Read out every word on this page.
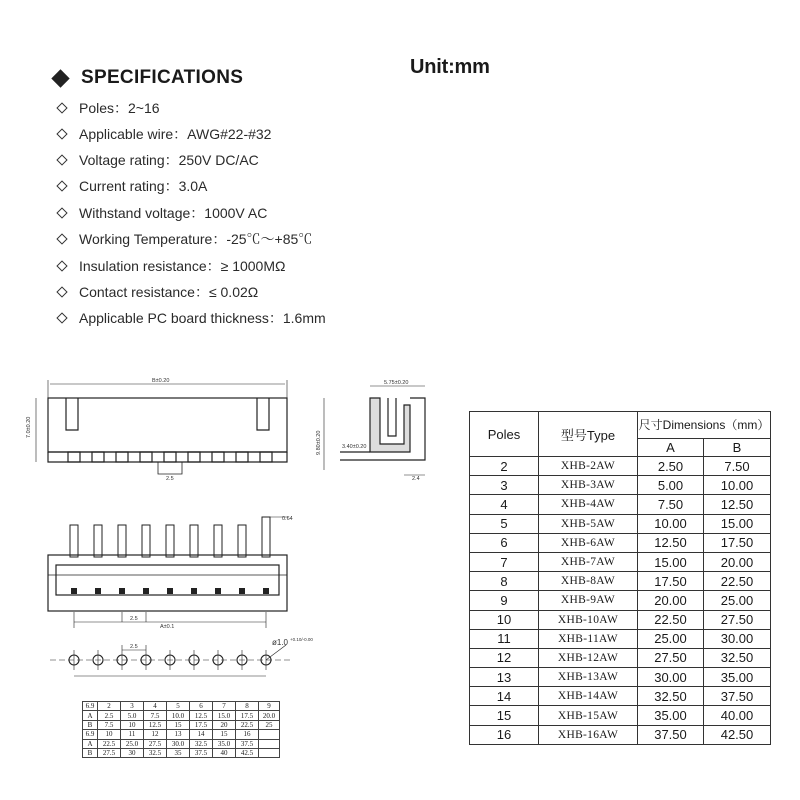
Unit:mm
SPECIFICATIONS
Poles：2~16
Applicable wire：AWG#22-#32
Voltage rating：250V DC/AC
Current rating：3.0A
Withstand voltage：1000V AC
Working Temperature：-25℃～+85℃
Insulation resistance：≥ 1000MΩ
Contact resistance：≤ 0.02Ω
Applicable PC board thickness：1.6mm
B±0.20
7.0±0.20
2.5
5.75±0.20
9.80±0.20	3.40±0.20
2.4
0.64
2.5
A±0.1
2.5	ø1.0 +0.10/-0.00
6.9	2	3	4	5	6	7	8	9
A	2.5	5.0	7.5	10.0	12.5	15.0	17.5	20.0
B	7.5	10	12.5	15	17.5	20	22.5	25
6.9	10	11	12	13	14	15	16	
A	22.5	25.0	27.5	30.0	32.5	35.0	37.5	
B	27.5	30	32.5	35	37.5	40	42.5	
Poles	型号Type	尺寸Dimensions（mm）	
		A	B
2	XHB-2AW	2.50	7.50
3	XHB-3AW	5.00	10.00
4	XHB-4AW	7.50	12.50
5	XHB-5AW	10.00	15.00
6	XHB-6AW	12.50	17.50
7	XHB-7AW	15.00	20.00
8	XHB-8AW	17.50	22.50
9	XHB-9AW	20.00	25.00
10	XHB-10AW	22.50	27.50
11	XHB-11AW	25.00	30.00
12	XHB-12AW	27.50	32.50
13	XHB-13AW	30.00	35.00
14	XHB-14AW	32.50	37.50
15	XHB-15AW	35.00	40.00
16	XHB-16AW	37.50	42.50
